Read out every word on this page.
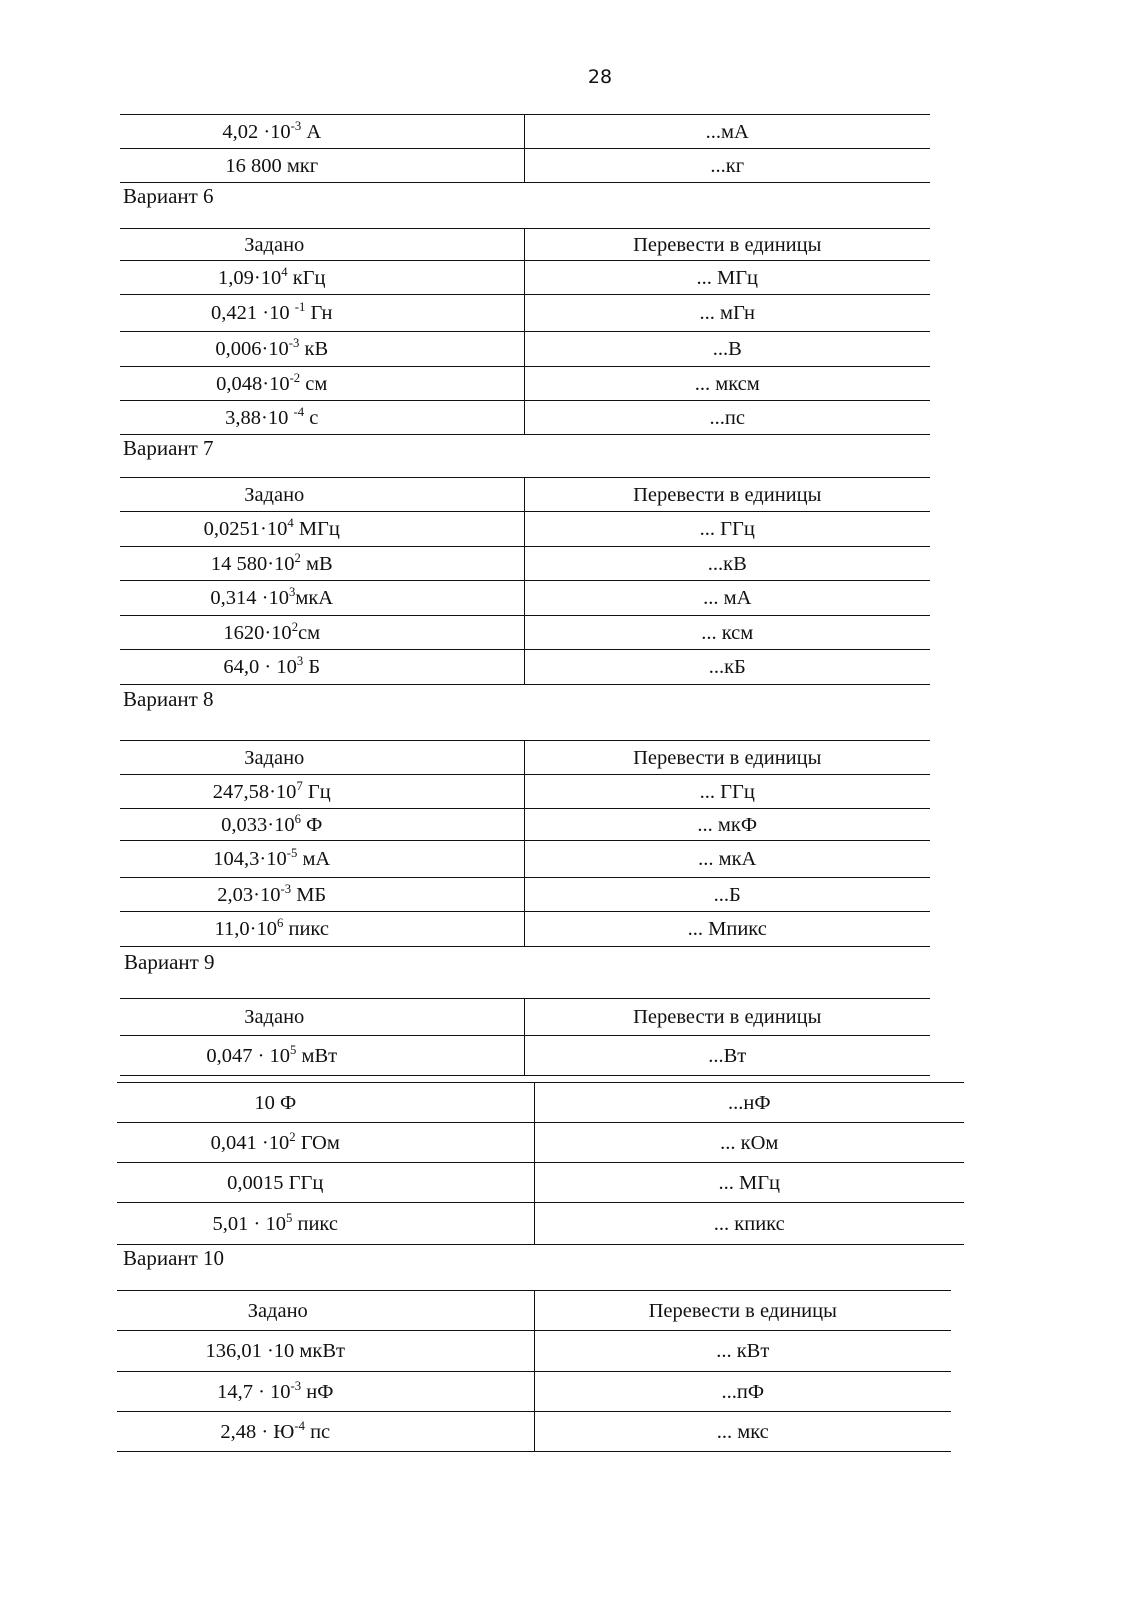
28
$4,02 \cdot 10^{-3}$ А	...мА
16 800 мкг	...кг
Вариант 6
Задано	Перевести в единицы
$1,09\cdot 10^4$ кГц	... МГц
0,421 ·10 $^{-1}$ Гн	... мГн
$0,006\cdot 10^{-3}$ кВ	...В
$0,048\cdot 10^{-2}$ см	... мксм
3,88·10 $^{-4}$ с	...пс
Вариант 7
Задано	Перевести в единицы
$0,0251\cdot 10^4$ МГц	... ГГц
14 $580\cdot 10^2$ мВ	...кВ
$0,314 \cdot 10^3мкА$	... мА
$1620\cdot 10^2см$	... ксм
$64,0 \cdot 10^3$ Б	...кБ
Вариант 8
Задано	Перевести в единицы
$247,58\cdot 10^7$ Гц	... ГГц
$0,033\cdot 10^6$ Ф	... мкФ
$104,3\cdot 10^{-5}$ мА	... мкА
$2,03\cdot 10^{-3}$ МБ	...Б
$11,0\cdot 10^6$ пикс	... Мпикс
Вариант 9
Задано	Перевести в единицы
$0,047 \cdot 10^5$ мВт	...Вт
10 Ф	...нФ
$0,041 \cdot 10^2$ ГОм	... кОм
0,0015 ГГц	... МГц
$5,01 \cdot 10^5$ пикс	... кпикс
Вариант 10
Задано	Перевести в единицы
136,01 ·10 мкВт	... кВт
$14,7 \cdot 10^{-3}$ нФ	...пФ
$2,48 \cdot Ю^{-4}$ пс	... мкс
